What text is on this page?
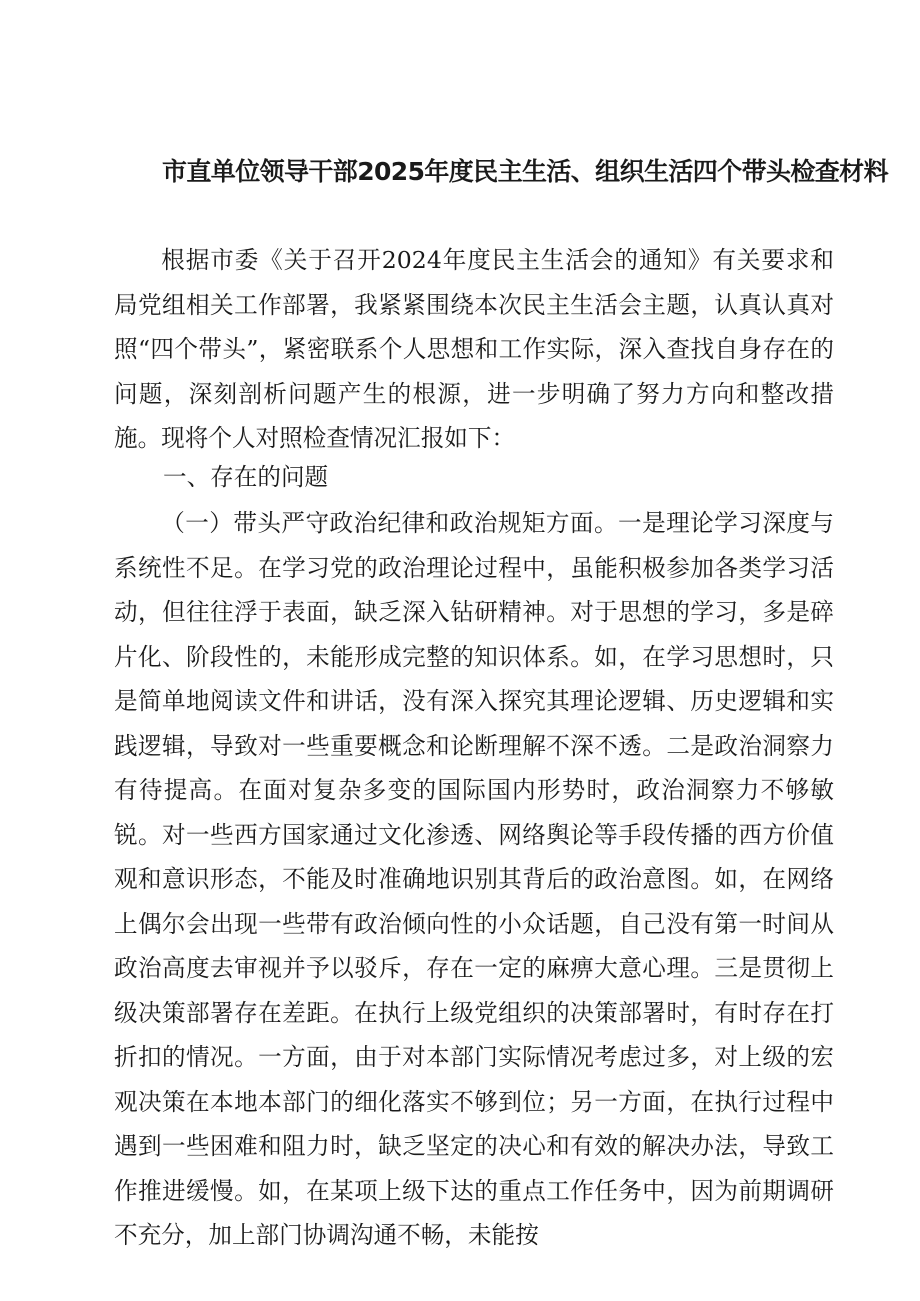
市直单位领导干部2025年度民主生活、组织生活四个带头检查材料

根据市委《关于召开2024年度民主生活会的通知》有关要求和局党组相关工作部署，我紧紧围绕本次民主生活会主题，认真认真对照“四个带头”，紧密联系个人思想和工作实际，深入查找自身存在的问题，深刻剖析问题产生的根源，进一步明确了努力方向和整改措施。现将个人对照检查情况汇报如下：

一、存在的问题

（一）带头严守政治纪律和政治规矩方面。一是理论学习深度与系统性不足。在学习党的政治理论过程中，虽能积极参加各类学习活动，但往往浮于表面，缺乏深入钻研精神。对于思想的学习，多是碎片化、阶段性的，未能形成完整的知识体系。如，在学习思想时，只是简单地阅读文件和讲话，没有深入探究其理论逻辑、历史逻辑和实践逻辑，导致对一些重要概念和论断理解不深不透。二是政治洞察力有待提高。在面对复杂多变的国际国内形势时，政治洞察力不够敏锐。对一些西方国家通过文化渗透、网络舆论等手段传播的西方价值观和意识形态，不能及时准确地识别其背后的政治意图。如，在网络上偶尔会出现一些带有政治倾向性的小众话题，自己没有第一时间从政治高度去审视并予以驳斥，存在一定的麻痹大意心理。三是贯彻上级决策部署存在差距。在执行上级党组织的决策部署时，有时存在打折扣的情况。一方面，由于对本部门实际情况考虑过多，对上级的宏观决策在本地本部门的细化落实不够到位；另一方面，在执行过程中遇到一些困难和阻力时，缺乏坚定的决心和有效的解决办法，导致工作推进缓慢。如，在某项上级下达的重点工作任务中，因为前期调研不充分，加上部门协调沟通不畅，未能按
